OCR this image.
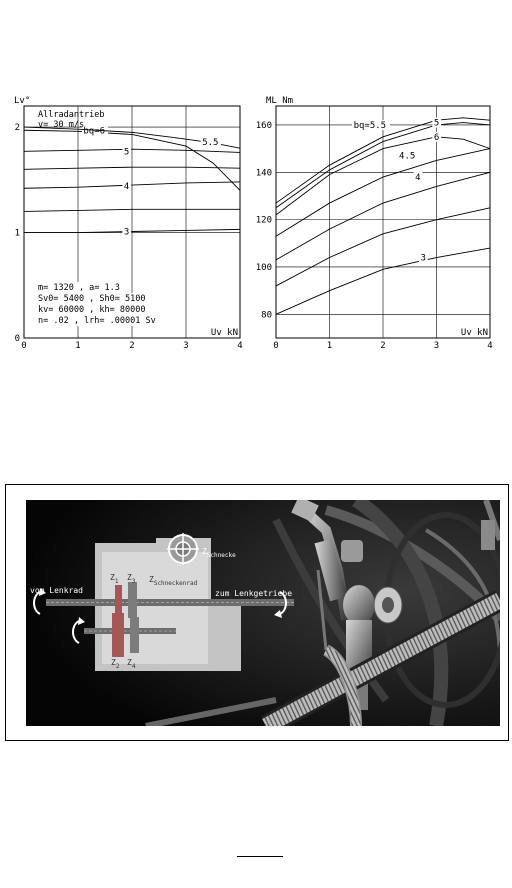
0	1	2	3	4
0
1
2
Lv°
Uv kN
3
4
5
bq=6
5.5
Allradantrieb
v= 30 m/s
m= 1320 , a= 1.3
Sv0= 5400 , Sh0= 5100
kv= 60000 , kh= 80000
n= .02 , lrh= .00001 Sv
0	1	2	3	4
80
100
120
140
160
ML Nm
Uv kN
bq=5.5	5
6
4.5
4
3
$Z_{Schnecke}$
$Z_{Schneckenrad}$
$Z_1$ $Z_3$
$Z_2$ $Z_4$
vom Lenkrad	zum Lenkgetriebe
